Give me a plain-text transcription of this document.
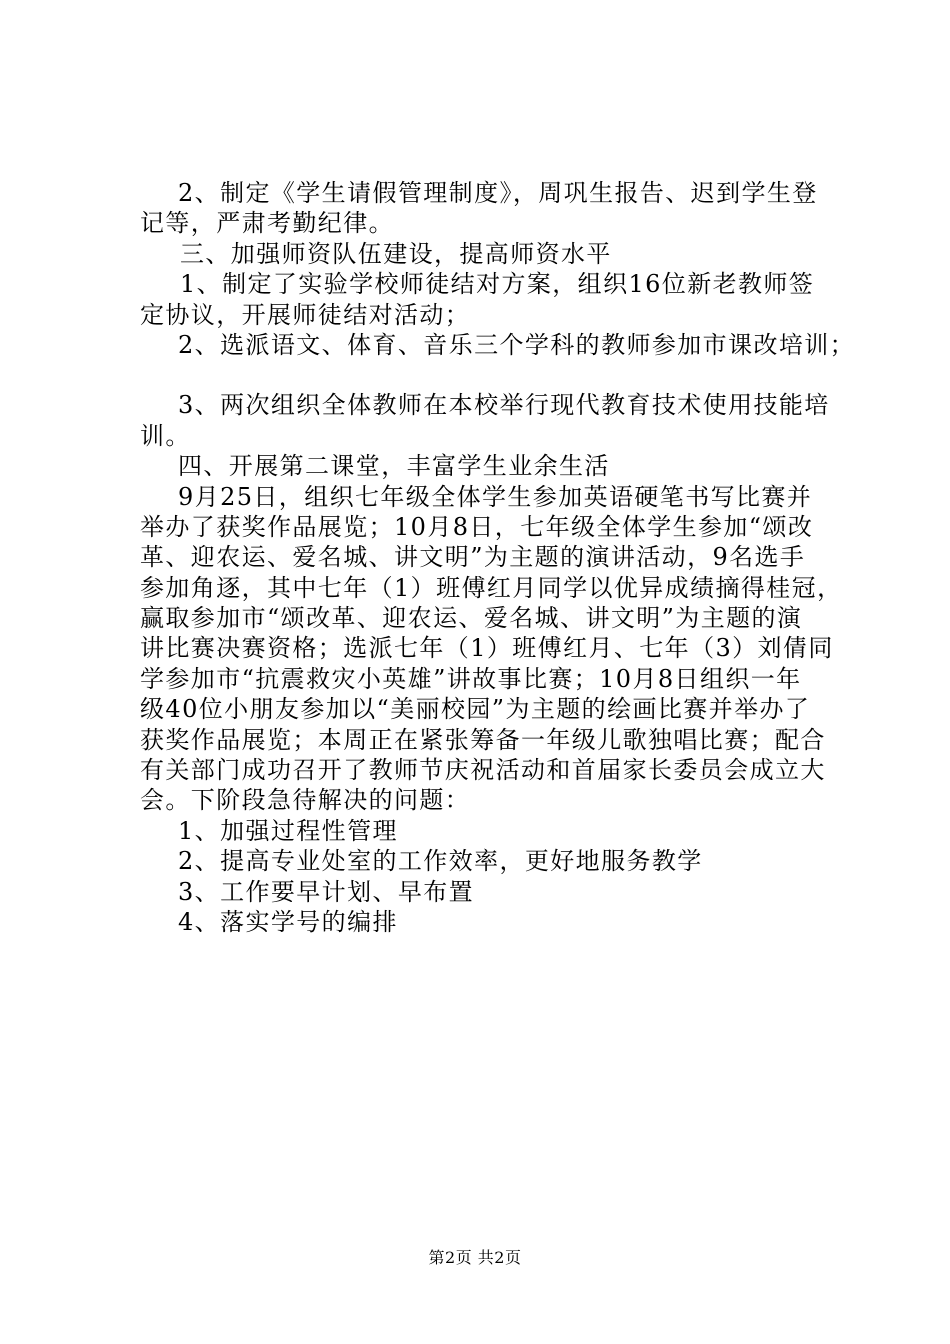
2、制定《学生请假管理制度》，周巩生报告、迟到学生登
记等，严肃考勤纪律。
三、加强师资队伍建设，提高师资水平
1、制定了实验学校师徒结对方案，组织16位新老教师签
定协议，开展师徒结对活动；
2、选派语文、体育、音乐三个学科的教师参加市课改培训；
3、两次组织全体教师在本校举行现代教育技术使用技能培
训。
四、开展第二课堂，丰富学生业余生活
9月25日，组织七年级全体学生参加英语硬笔书写比赛并
举办了获奖作品展览；10月8日，七年级全体学生参加“颂改
革、迎农运、爱名城、讲文明”为主题的演讲活动，9名选手
参加角逐，其中七年（1）班傅红月同学以优异成绩摘得桂冠，
赢取参加市“颂改革、迎农运、爱名城、讲文明”为主题的演
讲比赛决赛资格；选派七年（1）班傅红月、七年（3）刘倩同
学参加市“抗震救灾小英雄”讲故事比赛；10月8日组织一年
级40位小朋友参加以“美丽校园”为主题的绘画比赛并举办了
获奖作品展览；本周正在紧张筹备一年级儿歌独唱比赛；配合
有关部门成功召开了教师节庆祝活动和首届家长委员会成立大
会。下阶段急待解决的问题：
1、加强过程性管理
2、提高专业处室的工作效率，更好地服务教学
3、工作要早计划、早布置
4、落实学号的编排
第2页 共2页
